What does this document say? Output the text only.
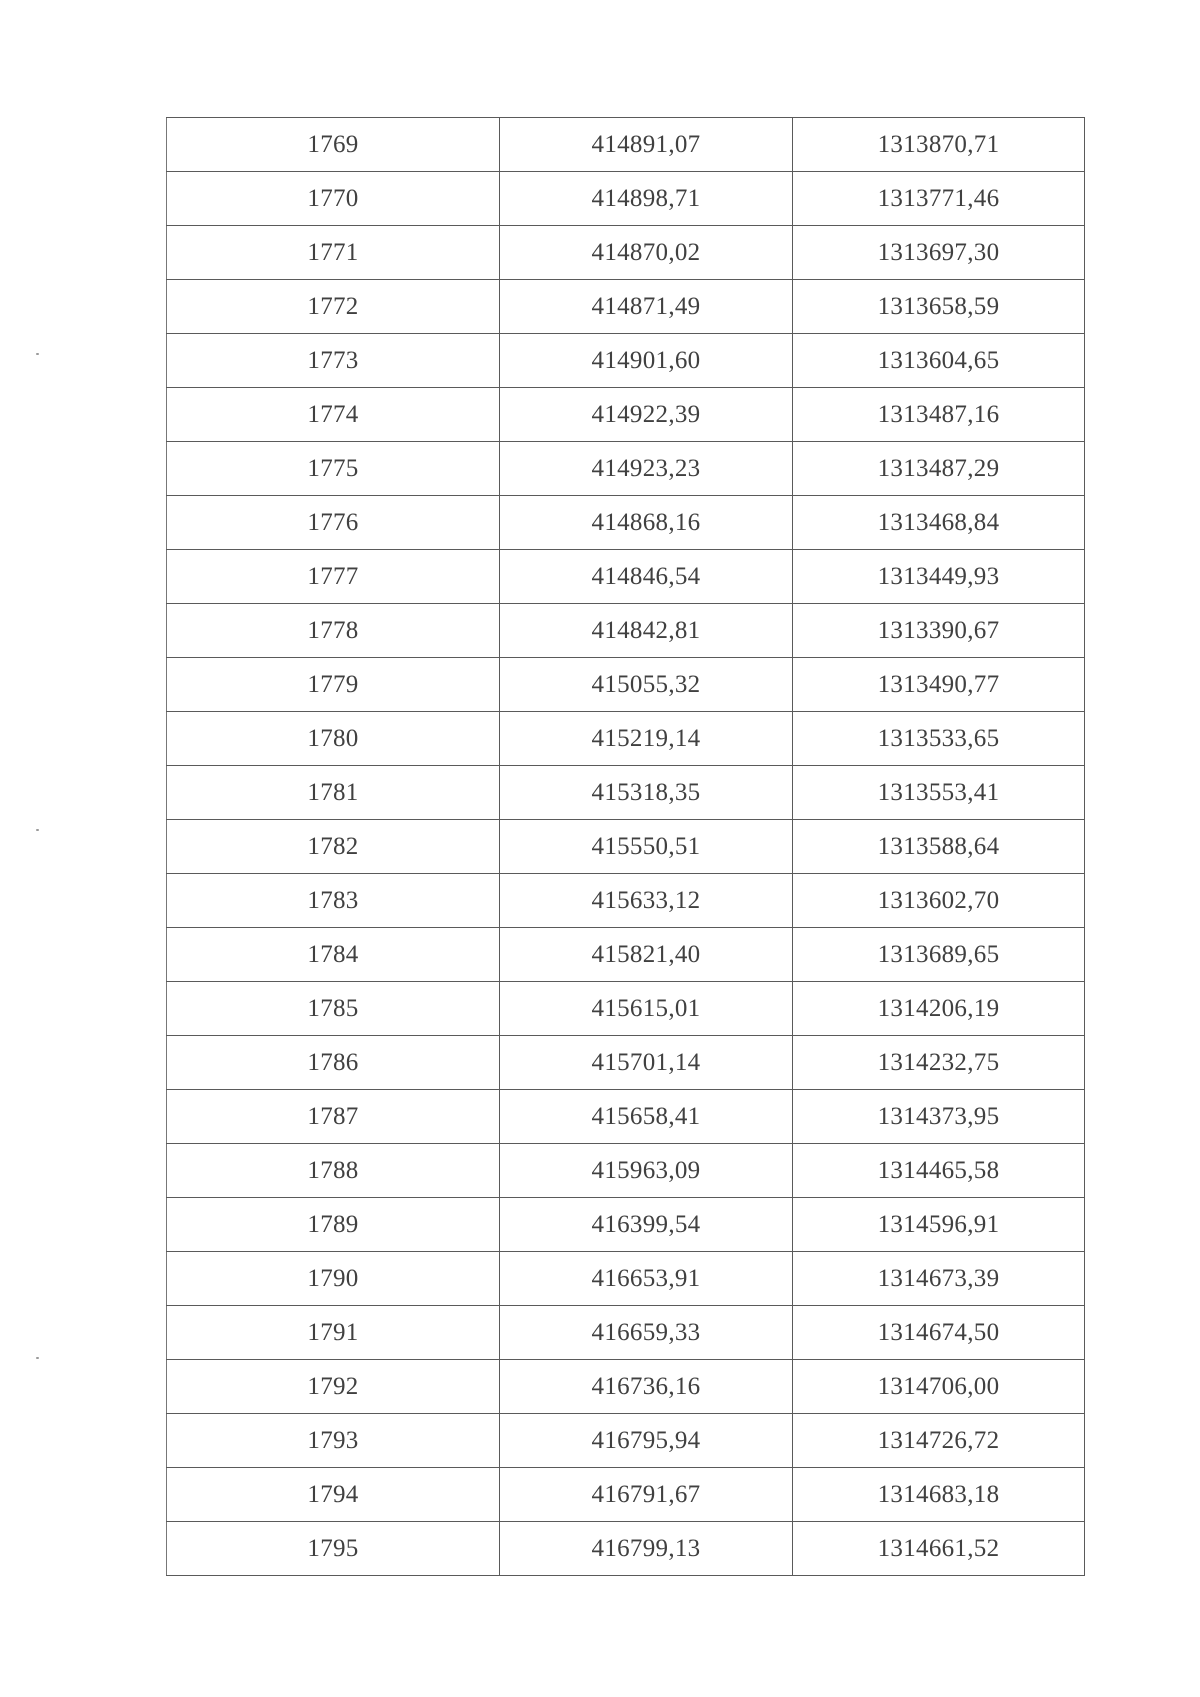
1769	414891,07	1313870,71
1770	414898,71	1313771,46
1771	414870,02	1313697,30
1772	414871,49	1313658,59
1773	414901,60	1313604,65
1774	414922,39	1313487,16
1775	414923,23	1313487,29
1776	414868,16	1313468,84
1777	414846,54	1313449,93
1778	414842,81	1313390,67
1779	415055,32	1313490,77
1780	415219,14	1313533,65
1781	415318,35	1313553,41
1782	415550,51	1313588,64
1783	415633,12	1313602,70
1784	415821,40	1313689,65
1785	415615,01	1314206,19
1786	415701,14	1314232,75
1787	415658,41	1314373,95
1788	415963,09	1314465,58
1789	416399,54	1314596,91
1790	416653,91	1314673,39
1791	416659,33	1314674,50
1792	416736,16	1314706,00
1793	416795,94	1314726,72
1794	416791,67	1314683,18
1795	416799,13	1314661,52
